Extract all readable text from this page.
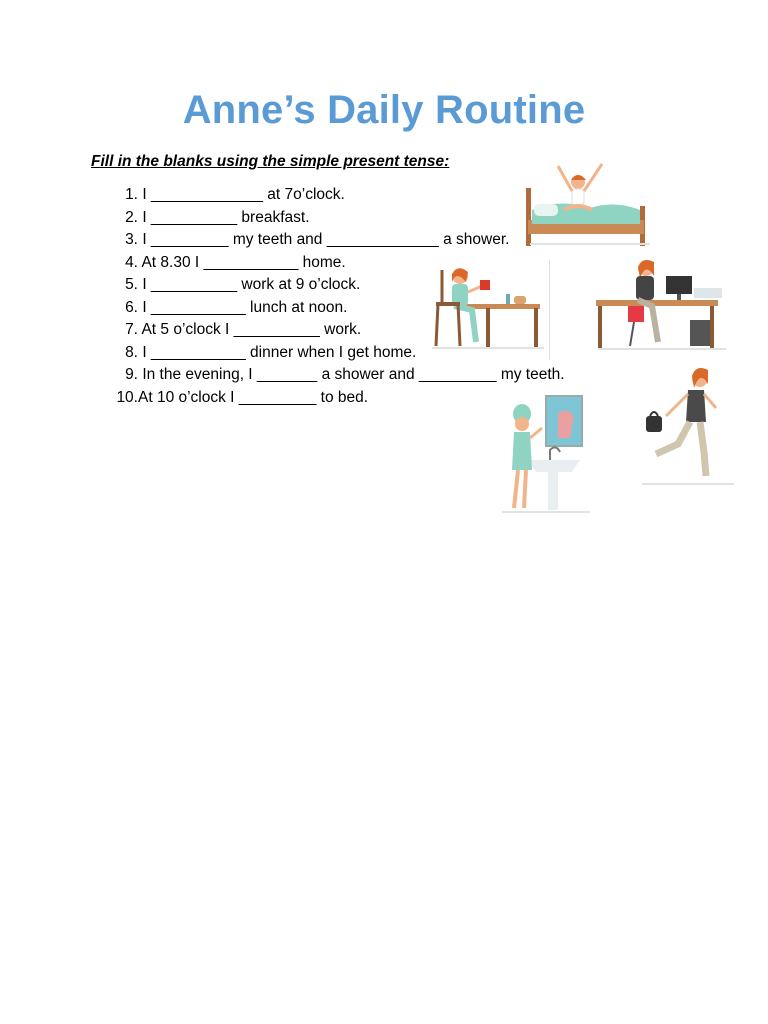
Anne’s Daily Routine
Fill in the blanks using the simple present tense:
1. I _____________ at 7o’clock.
2. I __________ breakfast.
3. I _________ my teeth and _____________ a shower.
4. At 8.30 I ___________ home.
5. I __________ work at 9 o’clock.
6. I ___________ lunch at noon.
7. At 5 o’clock I __________ work.
8. I ___________ dinner when I get home.
9. In the evening, I _______ a shower and _________ my teeth.
10.At 10 o’clock I _________ to bed.
